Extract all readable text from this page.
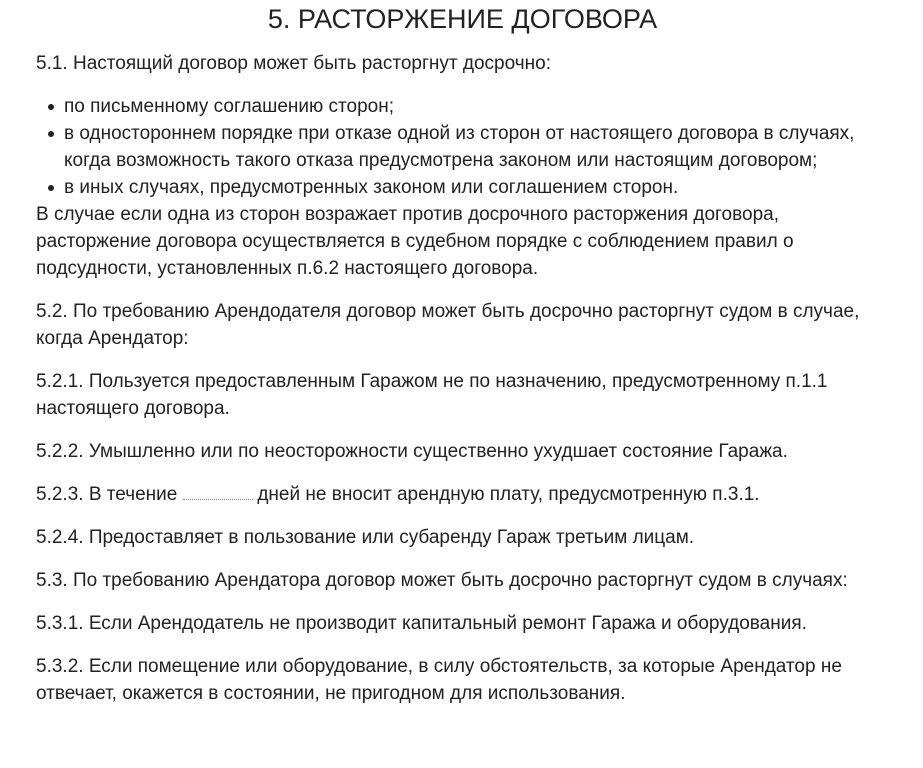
5. РАСТОРЖЕНИЕ ДОГОВОРА

5.1. Настоящий договор может быть расторгнут досрочно:

по письменному соглашению сторон;
в одностороннем порядке при отказе одной из сторон от настоящего договора в случаях, когда возможность такого отказа предусмотрена законом или настоящим договором;
в иных случаях, предусмотренных законом или соглашением сторон.

В случае если одна из сторон возражает против досрочного расторжения договора, расторжение договора осуществляется в судебном порядке с соблюдением правил о подсудности, установленных п.6.2 настоящего договора.

5.2. По требованию Арендодателя договор может быть досрочно расторгнут судом в случае, когда Арендатор:

5.2.1. Пользуется предоставленным Гаражом не по назначению, предусмотренному п.1.1 настоящего договора.

5.2.2. Умышленно или по неосторожности существенно ухудшает состояние Гаража.

5.2.3. В течение	дней не вносит арендную плату, предусмотренную п.3.1.

5.2.4. Предоставляет в пользование или субаренду Гараж третьим лицам.

5.3. По требованию Арендатора договор может быть досрочно расторгнут судом в случаях:

5.3.1. Если Арендодатель не производит капитальный ремонт Гаража и оборудования.

5.3.2. Если помещение или оборудование, в силу обстоятельств, за которые Арендатор не отвечает, окажется в состоянии, не пригодном для использования.
